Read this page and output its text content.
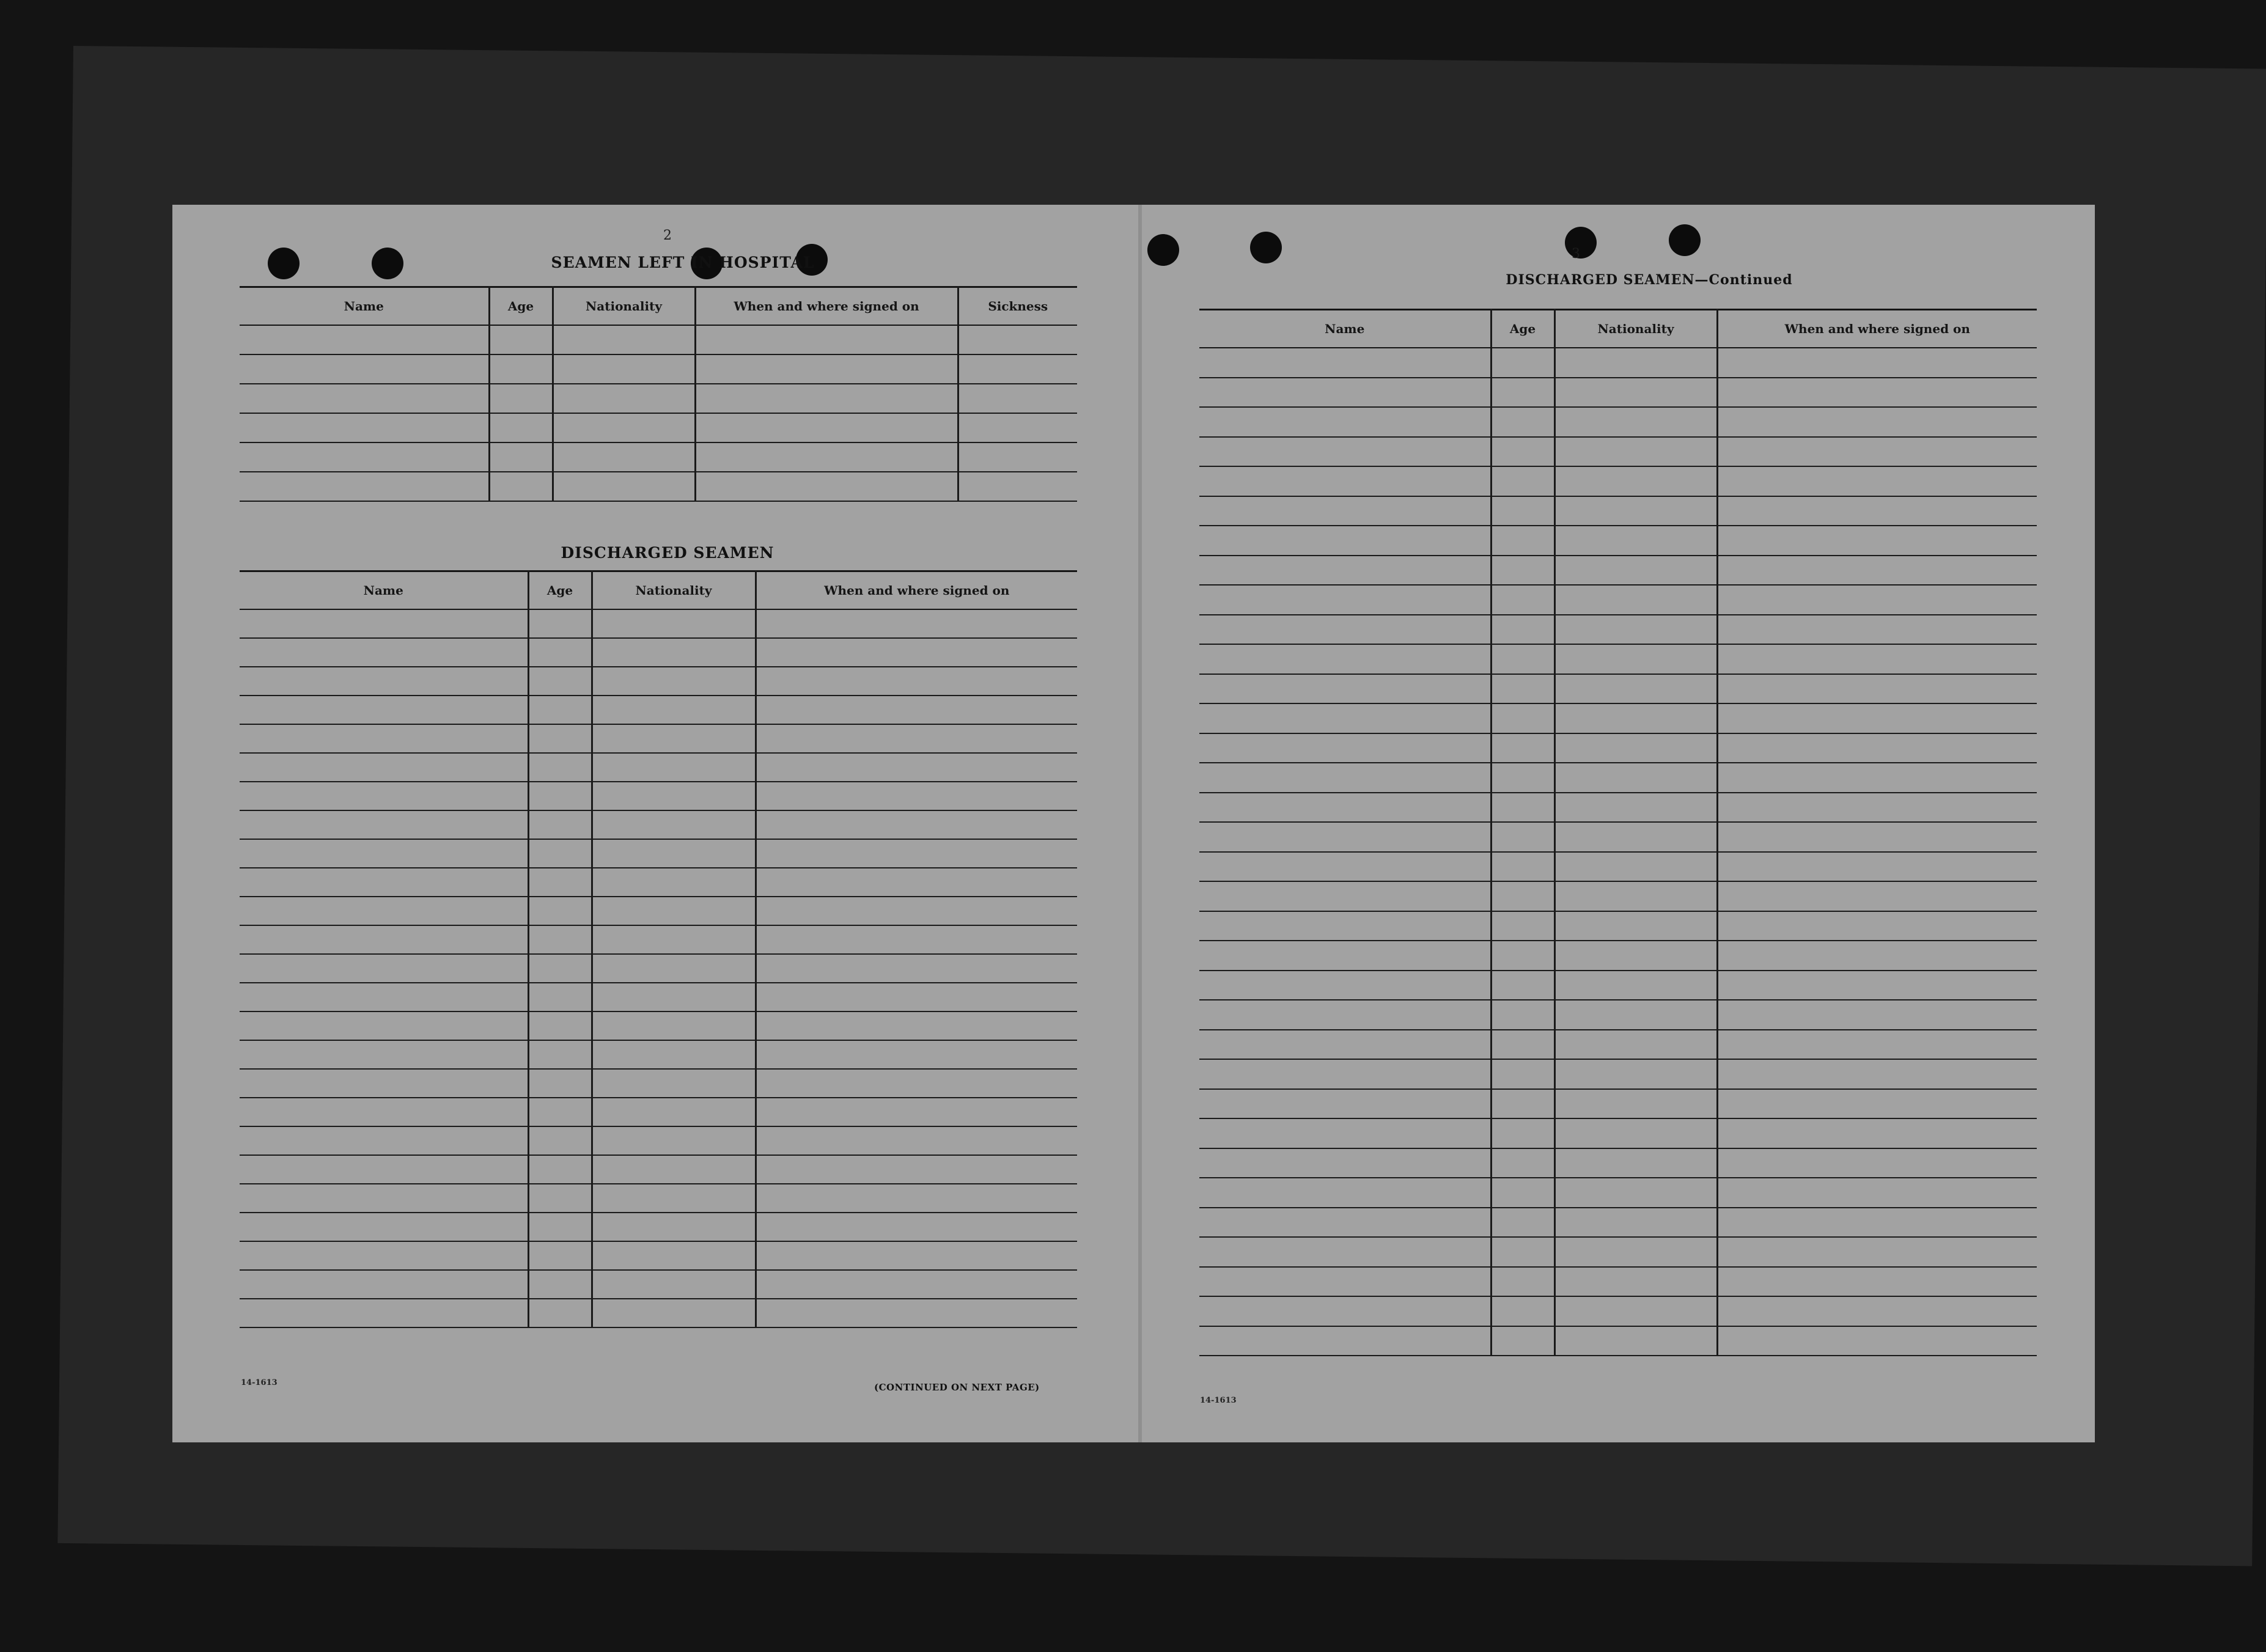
2
SEAMEN LEFT IN HOSPITAL
Name	Age	Nationality	When and where signed on	Sickness

DISCHARGED SEAMEN
Name	Age	Nationality	When and where signed on

14-1613	(CONTINUED ON NEXT PAGE)
3
DISCHARGED SEAMEN—Continued
Name	Age	Nationality	When and where signed on

14-1613
